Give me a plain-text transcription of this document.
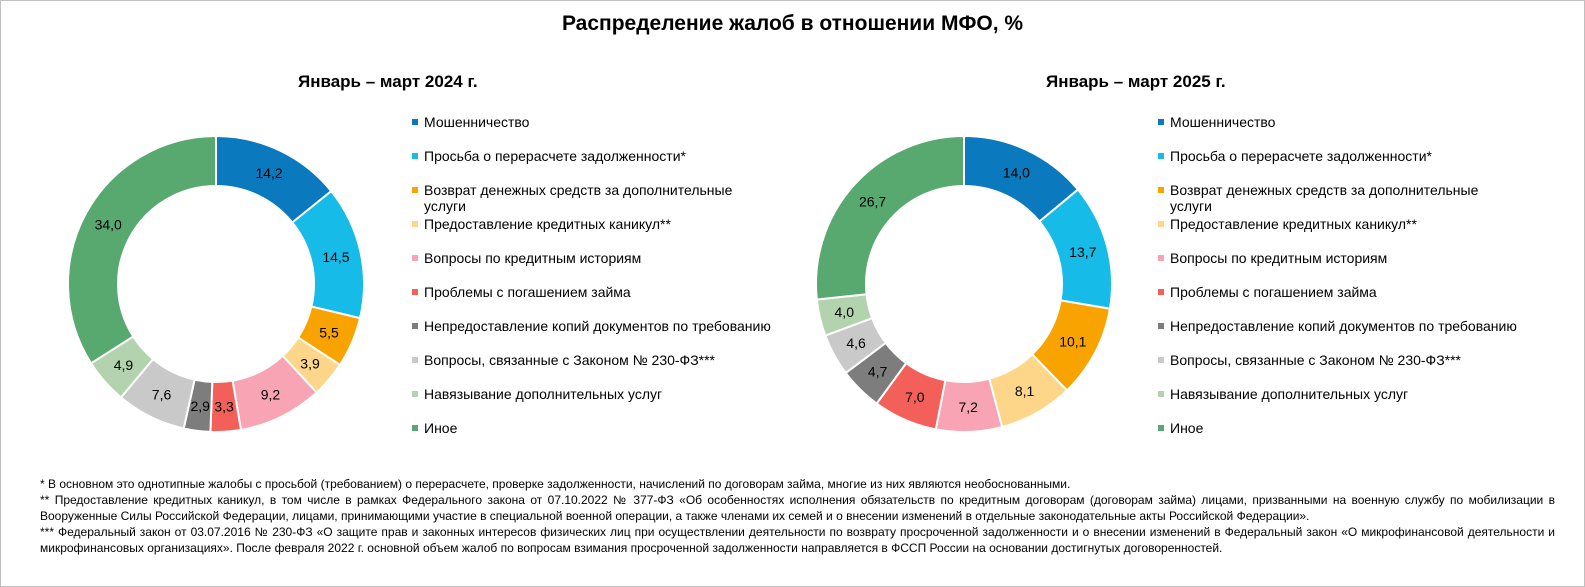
Распределение жалоб в отношении МФО, %
Январь – март 2024 г.	Январь – март 2025 г.
14,2
14,5
5,5
3,9
9,2
3,3
2,9
7,6
4,9
34,0
14,0
13,7
10,1
8,1
7,2
7,0
4,7
4,6
4,0
26,7
Мошенничество
Просьба о перерасчете задолженности*
Возврат денежных средств за дополнительные услуги
Предоставление кредитных каникул**
Вопросы по кредитным историям
Проблемы с погашением займа
Непредоставление копий документов по требованию
Вопросы, связанные с Законом № 230-ФЗ***
Навязывание дополнительных услуг
Иное
Мошенничество
Просьба о перерасчете задолженности*
Возврат денежных средств за дополнительные услуги
Предоставление кредитных каникул**
Вопросы по кредитным историям
Проблемы с погашением займа
Непредоставление копий документов по требованию
Вопросы, связанные с Законом № 230-ФЗ***
Навязывание дополнительных услуг
Иное

* В основном это однотипные жалобы с просьбой (требованием) о перерасчете, проверке задолженности, начислений по договорам займа, многие из них являются необоснованными.

** Предоставление кредитных каникул, в том числе в рамках Федерального закона от 07.10.2022 № 377-ФЗ «Об особенностях исполнения обязательств по кредитным договорам (договорам займа) лицами, призванными на военную службу по мобилизации в Вооруженные Силы Российской Федерации, лицами, принимающими участие в специальной военной операции, а также членами их семей и о внесении изменений в отдельные законодательные акты Российской Федерации».

*** Федеральный закон от 03.07.2016 № 230-ФЗ «О защите прав и законных интересов физических лиц при осуществлении деятельности по возврату просроченной задолженности и о внесении изменений в Федеральный закон «О микрофинансовой деятельности и микрофинансовых организациях». После февраля 2022 г. основной объем жалоб по вопросам взимания просроченной задолженности направляется в ФССП России на основании достигнутых договоренностей.
